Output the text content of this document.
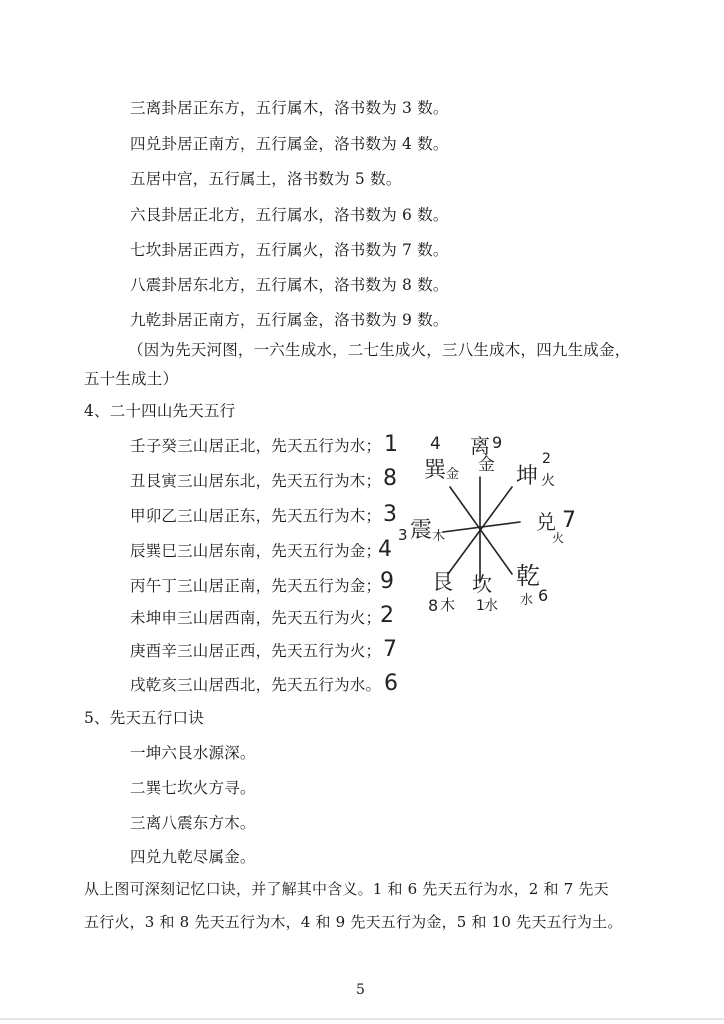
三离卦居正东方，五行属木，洛书数为 3 数。
四兑卦居正南方，五行属金，洛书数为 4 数。
五居中宫，五行属土，洛书数为 5 数。
六艮卦居正北方，五行属水，洛书数为 6 数。
七坎卦居正西方，五行属火，洛书数为 7 数。
八震卦居东北方，五行属木，洛书数为 8 数。
九乾卦居正南方，五行属金，洛书数为 9 数。
（因为先天河图，一六生成水，二七生成火，三八生成木，四九生成金，
五十生成土）
4、二十四山先天五行
壬子癸三山居正北，先天五行为水；
丑艮寅三山居东北，先天五行为木；
甲卯乙三山居正东，先天五行为木；
辰巽巳三山居东南，先天五行为金；
丙午丁三山居正南，先天五行为金；
未坤申三山居西南，先天五行为火；
庚酉辛三山居正西，先天五行为火；
戌乾亥三山居西北，先天五行为水。
1
8
3
4
9
2
7
6
4
巽 金
离 9
金 坤
2
火
兑 7
火
3 震 木
艮
8 木
坎
1 水
乾
水 6
5、先天五行口诀
一坤六艮水源深。
二巽七坎火方寻。
三离八震东方木。
四兑九乾尽属金。
从上图可深刻记忆口诀，并了解其中含义。1 和 6 先天五行为水，2 和 7 先天
五行火，3 和 8 先天五行为木，4 和 9 先天五行为金，5 和 10 先天五行为土。
5
